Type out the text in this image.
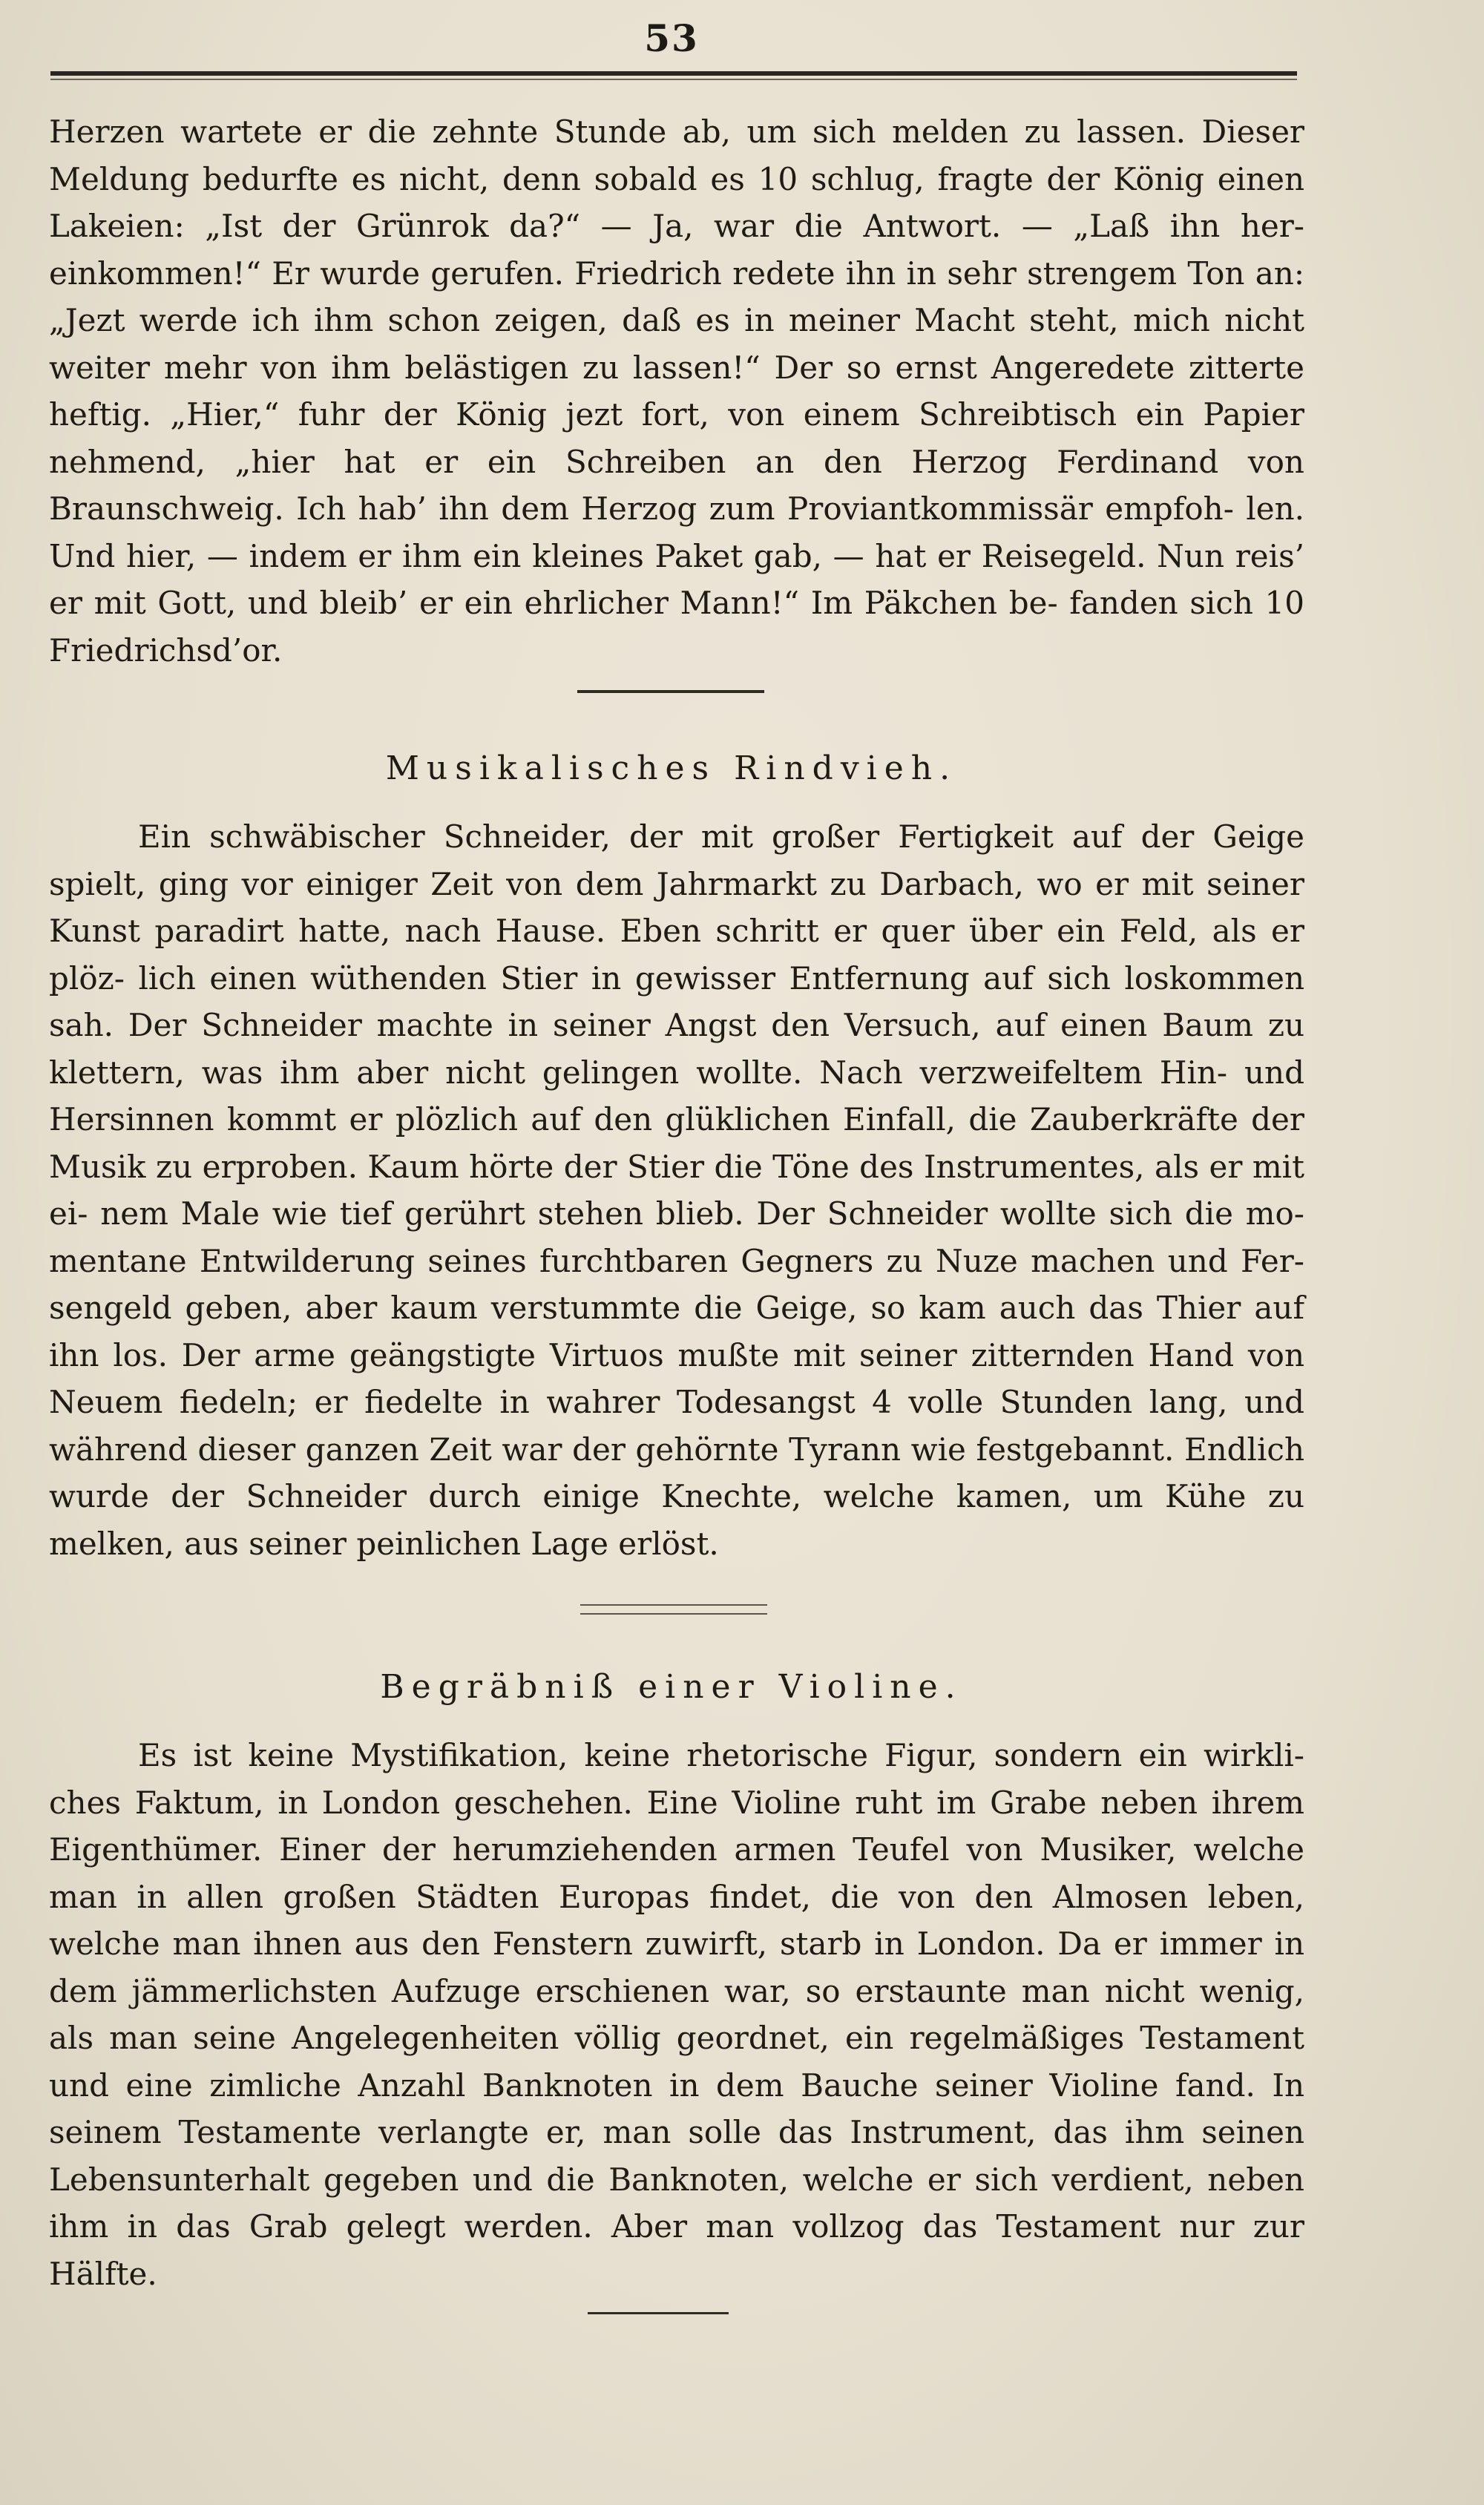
53

Herzen wartete er die zehnte Stunde ab, um sich melden zu lassen. Dieser Meldung bedurfte es nicht, denn sobald es 10 schlug, fragte der König einen Lakeien: „Ist der Grünrok da?“ — Ja, war die Antwort. — „Laß ihn her- einkommen!“ Er wurde gerufen. Friedrich redete ihn in sehr strengem Ton an: „Jezt werde ich ihm schon zeigen, daß es in meiner Macht steht, mich nicht weiter mehr von ihm belästigen zu lassen!“ Der so ernst Angeredete zitterte heftig. „Hier,“ fuhr der König jezt fort, von einem Schreibtisch ein Papier nehmend, „hier hat er ein Schreiben an den Herzog Ferdinand von Braunschweig. Ich hab’ ihn dem Herzog zum Proviantkommissär empfoh- len. Und hier, — indem er ihm ein kleines Paket gab, — hat er Reisegeld. Nun reis’ er mit Gott, und bleib’ er ein ehrlicher Mann!“ Im Päkchen be- fanden sich 10 Friedrichsd’or.

Musikalisches Rindvieh.

Ein schwäbischer Schneider, der mit großer Fertigkeit auf der Geige spielt, ging vor einiger Zeit von dem Jahrmarkt zu Darbach, wo er mit seiner Kunst paradirt hatte, nach Hause. Eben schritt er quer über ein Feld, als er plöz- lich einen wüthenden Stier in gewisser Entfernung auf sich loskommen sah. Der Schneider machte in seiner Angst den Versuch, auf einen Baum zu klettern, was ihm aber nicht gelingen wollte. Nach verzweifeltem Hin- und Hersinnen kommt er plözlich auf den glüklichen Einfall, die Zauberkräfte der Musik zu erproben. Kaum hörte der Stier die Töne des Instrumentes, als er mit ei- nem Male wie tief gerührt stehen blieb. Der Schneider wollte sich die mo- mentane Entwilderung seines furchtbaren Gegners zu Nuze machen und Fer- sengeld geben, aber kaum verstummte die Geige, so kam auch das Thier auf ihn los. Der arme geängstigte Virtuos mußte mit seiner zitternden Hand von Neuem fiedeln; er fiedelte in wahrer Todesangst 4 volle Stunden lang, und während dieser ganzen Zeit war der gehörnte Tyrann wie festgebannt. Endlich wurde der Schneider durch einige Knechte, welche kamen, um Kühe zu melken, aus seiner peinlichen Lage erlöst.

Begräbniß einer Violine.

Es ist keine Mystifikation, keine rhetorische Figur, sondern ein wirkli- ches Faktum, in London geschehen. Eine Violine ruht im Grabe neben ihrem Eigenthümer. Einer der herumziehenden armen Teufel von Musiker, welche man in allen großen Städten Europas findet, die von den Almosen leben, welche man ihnen aus den Fenstern zuwirft, starb in London. Da er immer in dem jämmerlichsten Aufzuge erschienen war, so erstaunte man nicht wenig, als man seine Angelegenheiten völlig geordnet, ein regelmäßiges Testament und eine zimliche Anzahl Banknoten in dem Bauche seiner Violine fand. In seinem Testamente verlangte er, man solle das Instrument, das ihm seinen Lebensunterhalt gegeben und die Banknoten, welche er sich verdient, neben ihm in das Grab gelegt werden. Aber man vollzog das Testament nur zur Hälfte.
